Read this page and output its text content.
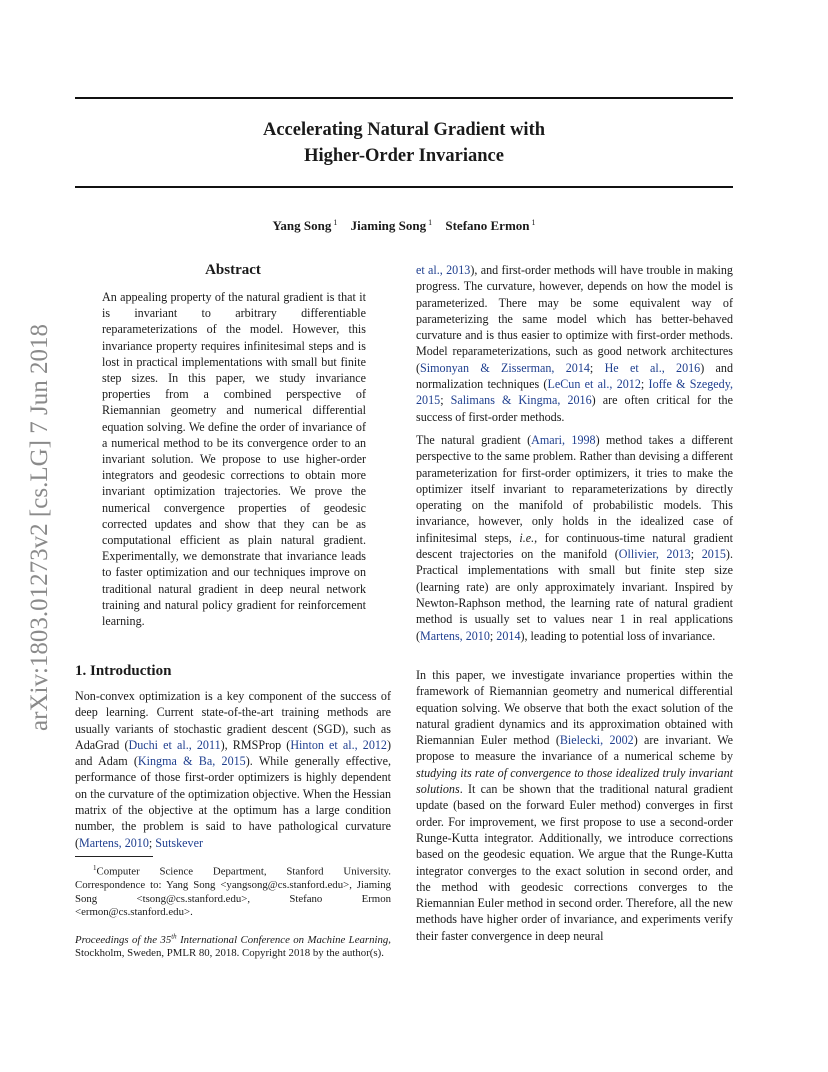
Accelerating Natural Gradient with
Higher-Order Invariance
Yang Song $^1$ Jiaming Song $^1$ Stefano Ermon $^1$
arXiv:1803.01273v2 [cs.LG] 7 Jun 2018
Abstract

An appealing property of the natural gradient is that it is invariant to arbitrary differentiable reparameterizations of the model. However, this invariance property requires infinitesimal steps and is lost in practical implementations with small but finite step sizes. In this paper, we study invariance properties from a combined perspective of Riemannian geometry and numerical differential equation solving. We define the order of invariance of a numerical method to be its convergence order to an invariant solution. We propose to use higher-order integrators and geodesic corrections to obtain more invariant optimization trajectories. We prove the numerical convergence properties of geodesic corrected updates and show that they can be as computational efficient as plain natural gradient. Experimentally, we demonstrate that invariance leads to faster optimization and our techniques improve on traditional natural gradient in deep neural network training and natural policy gradient for reinforcement learning.

1. Introduction

Non-convex optimization is a key component of the success of deep learning. Current state-of-the-art training methods are usually variants of stochastic gradient descent (SGD), such as AdaGrad (Duchi et al., 2011), RMSProp (Hinton et al., 2012) and Adam (Kingma & Ba, 2015). While generally effective, performance of those first-order optimizers is highly dependent on the curvature of the optimization objective. When the Hessian matrix of the objective at the optimum has a large condition number, the problem is said to have pathological curvature (Martens, 2010; Sutskever

$^1$Computer Science Department, Stanford University. Correspondence to: Yang Song <yangsong@cs.stanford.edu>, Jiaming Song <tsong@cs.stanford.edu>, Stefano Ermon <ermon@cs.stanford.edu>.

Proceedings of the 35th International Conference on Machine Learning, Stockholm, Sweden, PMLR 80, 2018. Copyright 2018 by the author(s).

et al., 2013), and first-order methods will have trouble in making progress. The curvature, however, depends on how the model is parameterized. There may be some equivalent way of parameterizing the same model which has better-behaved curvature and is thus easier to optimize with first-order methods. Model reparameterizations, such as good network architectures (Simonyan & Zisserman, 2014; He et al., 2016) and normalization techniques (LeCun et al., 2012; Ioffe & Szegedy, 2015; Salimans & Kingma, 2016) are often critical for the success of first-order methods.

The natural gradient (Amari, 1998) method takes a different perspective to the same problem. Rather than devising a different parameterization for first-order optimizers, it tries to make the optimizer itself invariant to reparameterizations by directly operating on the manifold of probabilistic models. This invariance, however, only holds in the idealized case of infinitesimal steps, i.e., for continuous-time natural gradient descent trajectories on the manifold (Ollivier, 2013; 2015). Practical implementations with small but finite step size (learning rate) are only approximately invariant. Inspired by Newton-Raphson method, the learning rate of natural gradient method is usually set to values near 1 in real applications (Martens, 2010; 2014), leading to potential loss of invariance.

In this paper, we investigate invariance properties within the framework of Riemannian geometry and numerical differential equation solving. We observe that both the exact solution of the natural gradient dynamics and its approximation obtained with Riemannian Euler method (Bielecki, 2002) are invariant. We propose to measure the invariance of a numerical scheme by studying its rate of convergence to those idealized truly invariant solutions. It can be shown that the traditional natural gradient update (based on the forward Euler method) converges in first order. For improvement, we first propose to use a second-order Runge-Kutta integrator. Additionally, we introduce corrections based on the geodesic equation. We argue that the Runge-Kutta integrator converges to the exact solution in second order, and the method with geodesic corrections converges to the Riemannian Euler method in second order. Therefore, all the new methods have higher order of invariance, and experiments verify their faster convergence in deep neural
